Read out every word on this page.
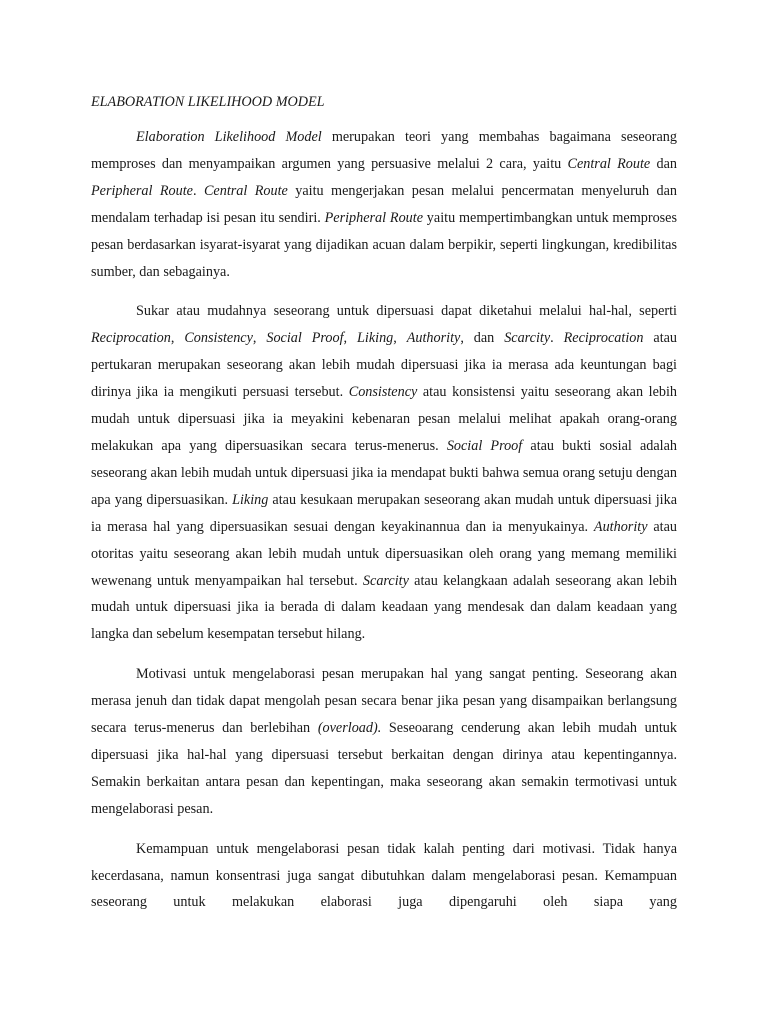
ELABORATION LIKELIHOOD MODEL

Elaboration Likelihood Model merupakan teori yang membahas bagaimana seseorang memproses dan menyampaikan argumen yang persuasive melalui 2 cara, yaitu Central Route dan Peripheral Route. Central Route yaitu mengerjakan pesan melalui pencermatan menyeluruh dan mendalam terhadap isi pesan itu sendiri. Peripheral Route yaitu mempertimbangkan untuk memproses pesan berdasarkan isyarat-isyarat yang dijadikan acuan dalam berpikir, seperti lingkungan, kredibilitas sumber, dan sebagainya.

Sukar atau mudahnya seseorang untuk dipersuasi dapat diketahui melalui hal-hal, seperti Reciprocation, Consistency, Social Proof, Liking, Authority, dan Scarcity. Reciprocation atau pertukaran merupakan seseorang akan lebih mudah dipersuasi jika ia merasa ada keuntungan bagi dirinya jika ia mengikuti persuasi tersebut. Consistency atau konsistensi yaitu seseorang akan lebih mudah untuk dipersuasi jika ia meyakini kebenaran pesan melalui melihat apakah orang-orang melakukan apa yang dipersuasikan secara terus-menerus. Social Proof atau bukti sosial adalah seseorang akan lebih mudah untuk dipersuasi jika ia mendapat bukti bahwa semua orang setuju dengan apa yang dipersuasikan. Liking atau kesukaan merupakan seseorang akan mudah untuk dipersuasi jika ia merasa hal yang dipersuasikan sesuai dengan keyakinannua dan ia menyukainya. Authority atau otoritas yaitu seseorang akan lebih mudah untuk dipersuasikan oleh orang yang memang memiliki wewenang untuk menyampaikan hal tersebut. Scarcity atau kelangkaan adalah seseorang akan lebih mudah untuk dipersuasi jika ia berada di dalam keadaan yang mendesak dan dalam keadaan yang langka dan sebelum kesempatan tersebut hilang.

Motivasi untuk mengelaborasi pesan merupakan hal yang sangat penting. Seseorang akan merasa jenuh dan tidak dapat mengolah pesan secara benar jika pesan yang disampaikan berlangsung secara terus-menerus dan berlebihan (overload). Seseoarang cenderung akan lebih mudah untuk dipersuasi jika hal-hal yang dipersuasi tersebut berkaitan dengan dirinya atau kepentingannya. Semakin berkaitan antara pesan dan kepentingan, maka seseorang akan semakin termotivasi untuk mengelaborasi pesan.

Kemampuan untuk mengelaborasi pesan tidak kalah penting dari motivasi. Tidak hanya kecerdasana, namun konsentrasi juga sangat dibutuhkan dalam mengelaborasi pesan. Kemampuan seseorang untuk melakukan elaborasi juga dipengaruhi oleh siapa yang
